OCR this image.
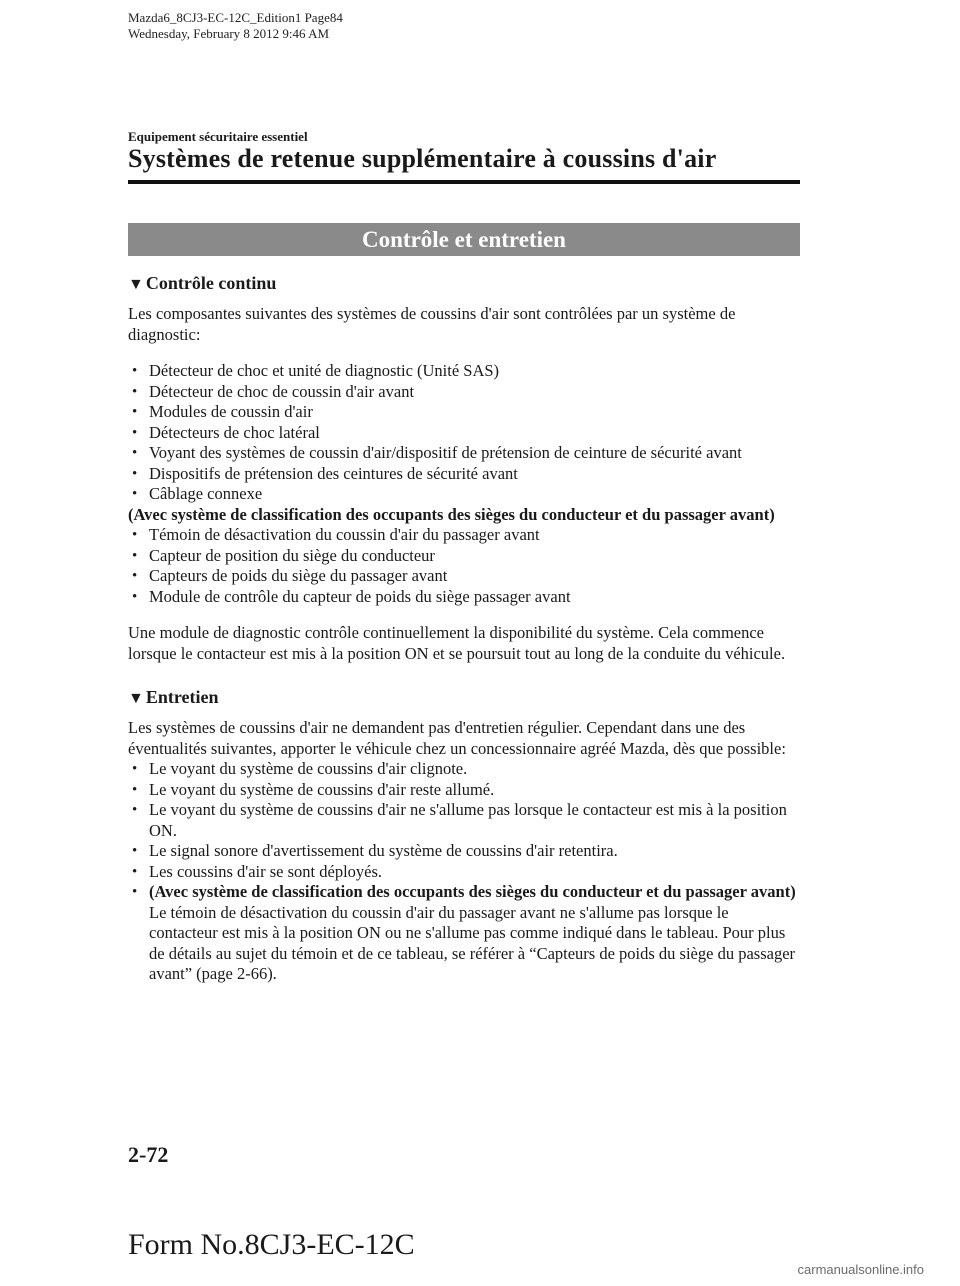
Mazda6_8CJ3-EC-12C_Edition1 Page84
Wednesday, February 8 2012 9:46 AM
Equipement sécuritaire essentiel
Systèmes de retenue supplémentaire à coussins d'air
Contrôle et entretien
▼ Contrôle continu

Les composantes suivantes des systèmes de coussins d'air sont contrôlées par un système de diagnostic:

• Détecteur de choc et unité de diagnostic (Unité SAS)
• Détecteur de choc de coussin d'air avant
• Modules de coussin d'air
• Détecteurs de choc latéral
• Voyant des systèmes de coussin d'air/dispositif de prétension de ceinture de sécurité avant
• Dispositifs de prétension des ceintures de sécurité avant
• Câblage connexe

(Avec système de classification des occupants des sièges du conducteur et du passager avant)

• Témoin de désactivation du coussin d'air du passager avant
• Capteur de position du siège du conducteur
• Capteurs de poids du siège du passager avant
• Module de contrôle du capteur de poids du siège passager avant

Une module de diagnostic contrôle continuellement la disponibilité du système. Cela commence lorsque le contacteur est mis à la position ON et se poursuit tout au long de la conduite du véhicule.

▼ Entretien

Les systèmes de coussins d'air ne demandent pas d'entretien régulier. Cependant dans une des éventualités suivantes, apporter le véhicule chez un concessionnaire agréé Mazda, dès que possible:

• Le voyant du système de coussins d'air clignote.
• Le voyant du système de coussins d'air reste allumé.
• Le voyant du système de coussins d'air ne s'allume pas lorsque le contacteur est mis à la position ON.
• Le signal sonore d'avertissement du système de coussins d'air retentira.
• Les coussins d'air se sont déployés.
• (Avec système de classification des occupants des sièges du conducteur et du passager avant)
Le témoin de désactivation du coussin d'air du passager avant ne s'allume pas lorsque le contacteur est mis à la position ON ou ne s'allume pas comme indiqué dans le tableau. Pour plus de détails au sujet du témoin et de ce tableau, se référer à “Capteurs de poids du siège du passager avant” (page 2-66).
2-72
Form No.8CJ3-EC-12C
carmanualsonline.info
